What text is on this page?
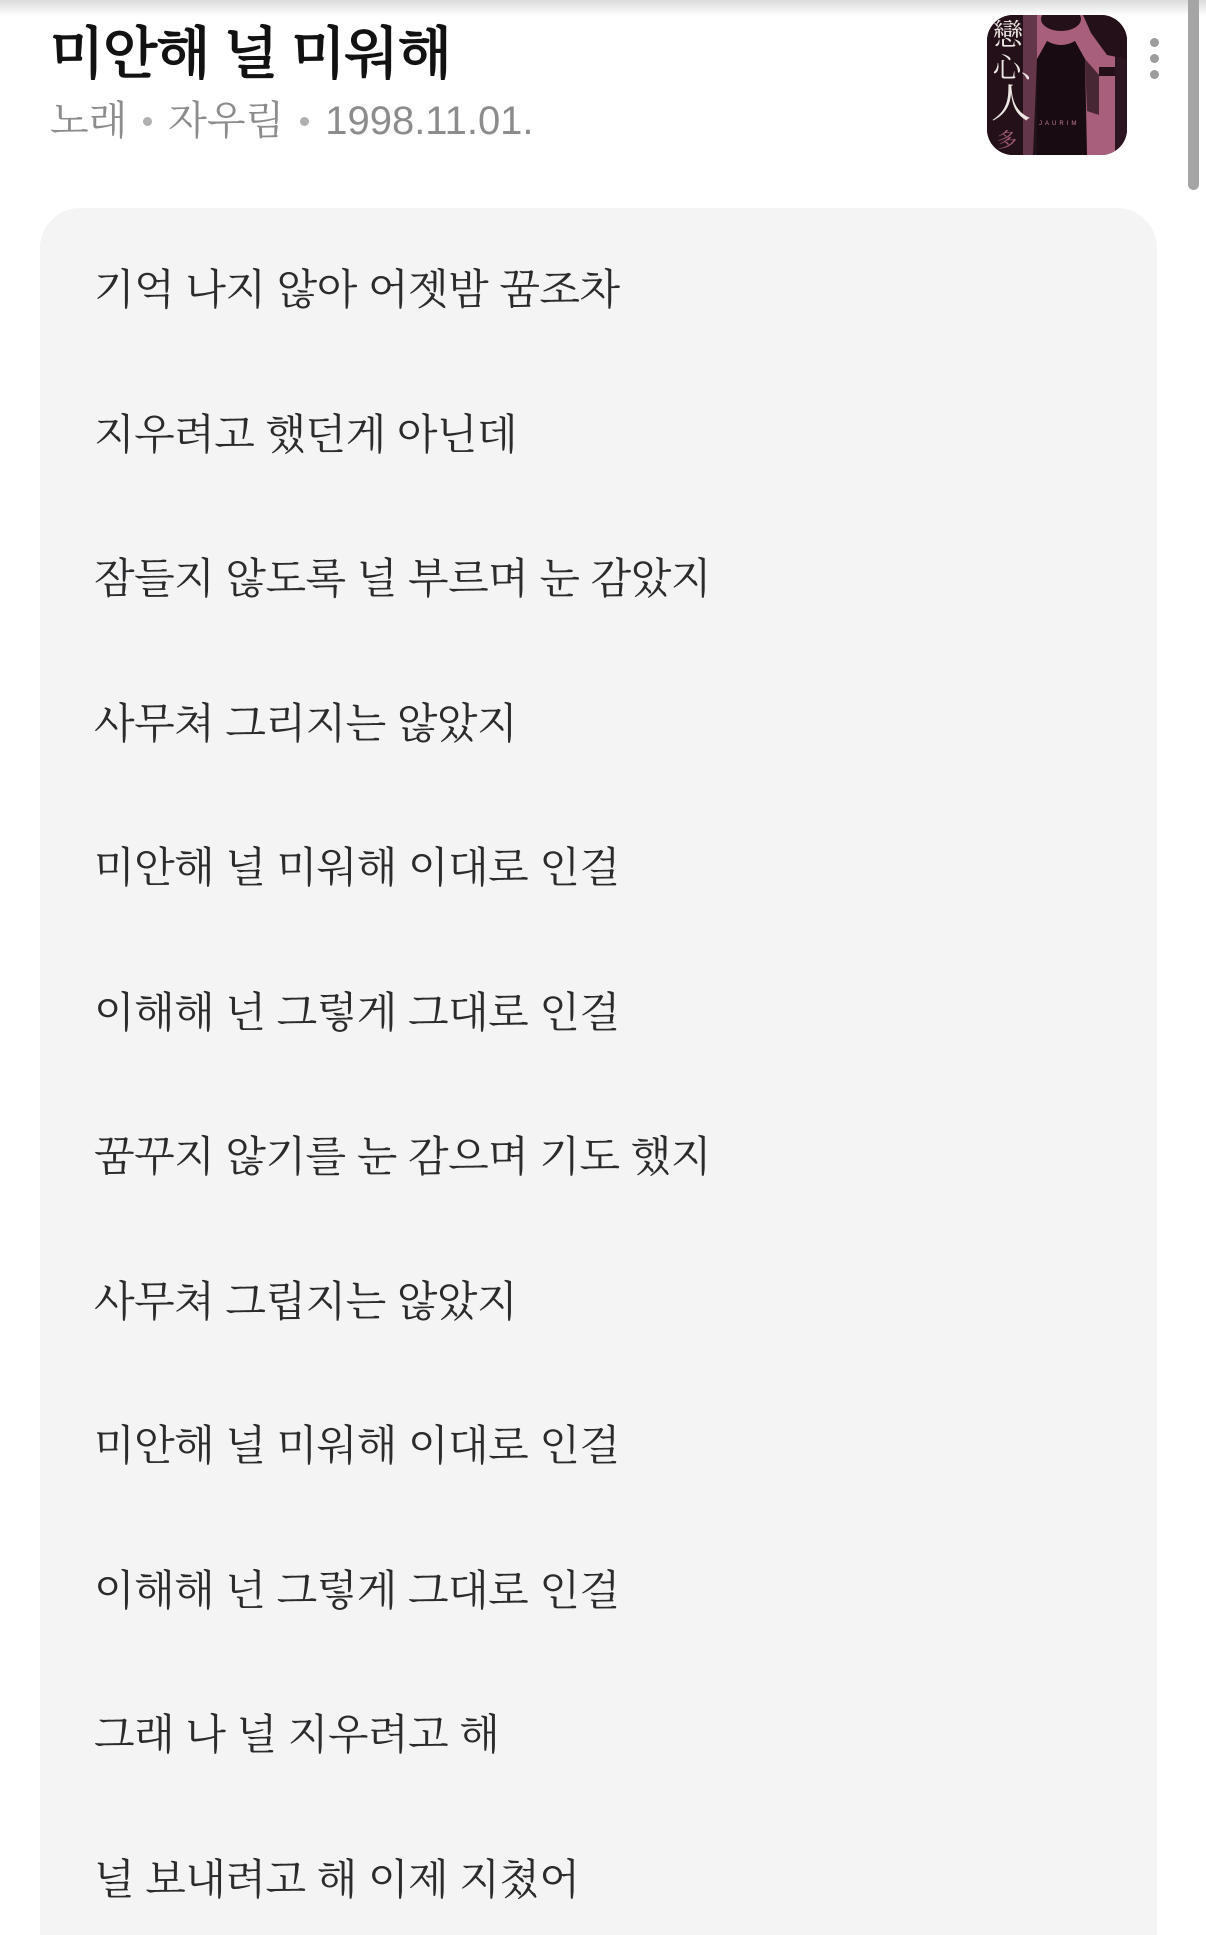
미안해 널 미워해
노래 자우림 1998.11.01.
戀
心、
人
多
JAURIM

기억 나지 않아 어젯밤 꿈조차

지우려고 했던게 아닌데

잠들지 않도록 널 부르며 눈 감았지

사무쳐 그리지는 않았지

미안해 널 미워해 이대로 인걸

이해해 넌 그렇게 그대로 인걸

꿈꾸지 않기를 눈 감으며 기도 했지

사무쳐 그립지는 않았지

미안해 널 미워해 이대로 인걸

이해해 넌 그렇게 그대로 인걸

그래 나 널 지우려고 해

널 보내려고 해 이제 지쳤어
